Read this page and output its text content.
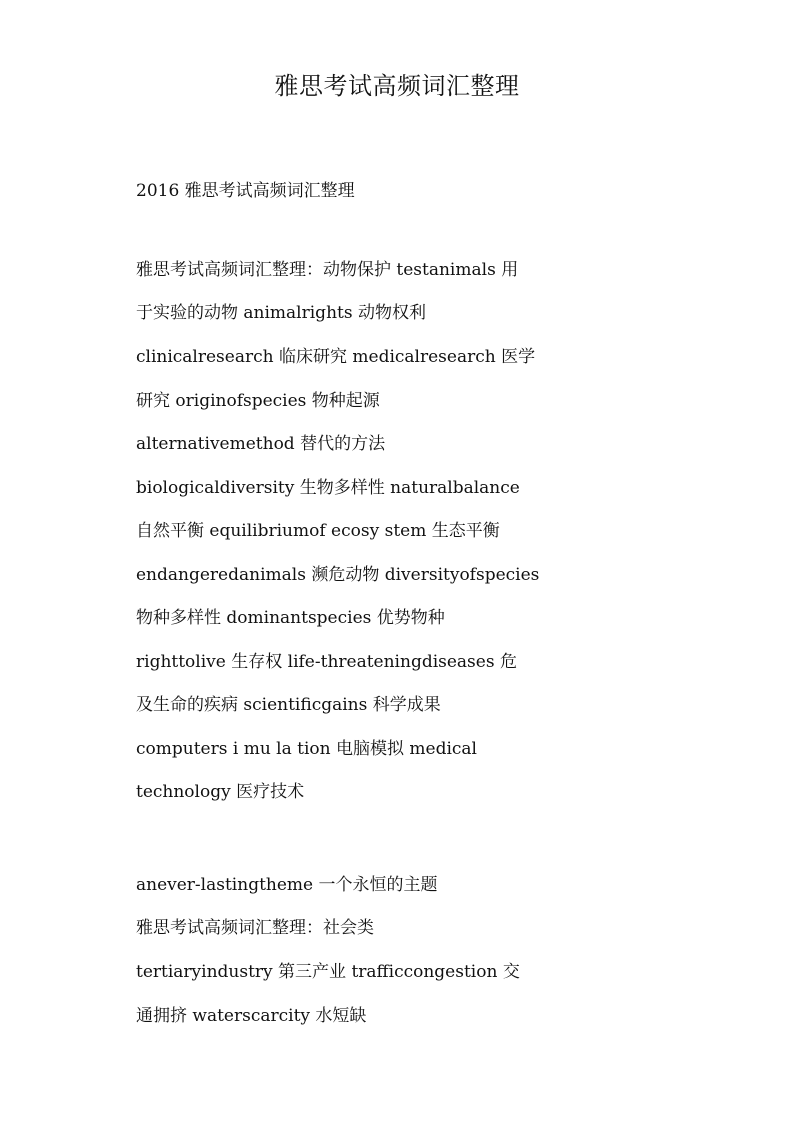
雅思考试高频词汇整理
2016 雅思考试高频词汇整理
雅思考试高频词汇整理：动物保护 testanimals 用
于实验的动物 animalrights 动物权利
clinicalresearch 临床研究 medicalresearch 医学
研究 originofspecies 物种起源
alternativemethod 替代的方法
biologicaldiversity 生物多样性 naturalbalance
自然平衡 equilibriumof ecosy stem 生态平衡
endangeredanimals 濒危动物 diversityofspecies
物种多样性 dominantspecies 优势物种
righttolive 生存权 life-threateningdiseases 危
及生命的疾病 scientificgains 科学成果
computers i mu la tion 电脑模拟 medical
technology 医疗技术
anever-lastingtheme 一个永恒的主题
雅思考试高频词汇整理：社会类
tertiaryindustry 第三产业 trafficcongestion 交
通拥挤 waterscarcity 水短缺
